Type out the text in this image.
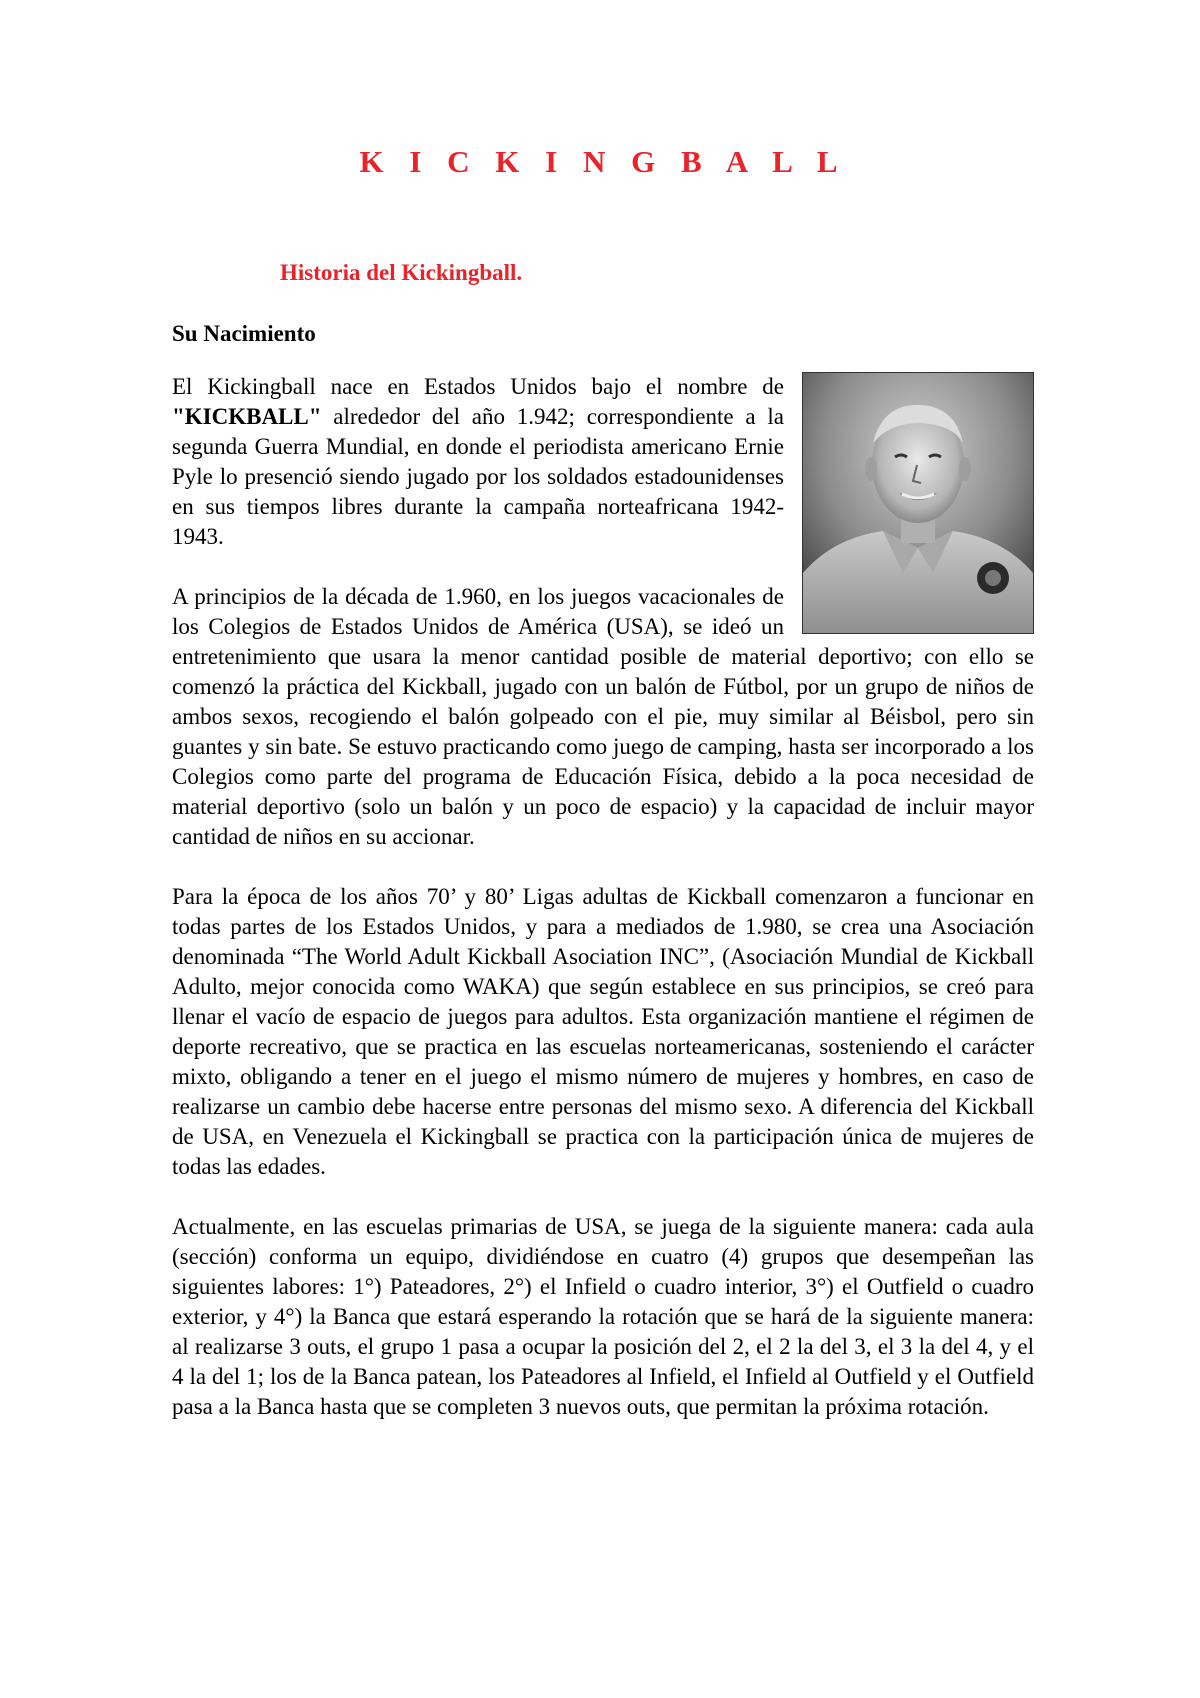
K I C K I N G B A L L
Historia del Kickingball.
Su Nacimiento

El Kickingball nace en Estados Unidos bajo el nombre de "KICKBALL" alrededor del año 1.942; correspondiente a la segunda Guerra Mundial, en donde el periodista americano Ernie Pyle lo presenció siendo jugado por los soldados estadounidenses en sus tiempos libres durante la campaña norteafricana 1942-1943.

A principios de la década de 1.960, en los juegos vacacionales de los Colegios de Estados Unidos de América (USA), se ideó un entretenimiento que usara la menor cantidad posible de material deportivo; con ello se comenzó la práctica del Kickball, jugado con un balón de Fútbol, por un grupo de niños de ambos sexos, recogiendo el balón golpeado con el pie, muy similar al Béisbol, pero sin guantes y sin bate. Se estuvo practicando como juego de camping, hasta ser incorporado a los Colegios como parte del programa de Educación Física, debido a la poca necesidad de material deportivo (solo un balón y un poco de espacio) y la capacidad de incluir mayor cantidad de niños en su accionar.

Para la época de los años 70’ y 80’ Ligas adultas de Kickball comenzaron a funcionar en todas partes de los Estados Unidos, y para a mediados de 1.980, se crea una Asociación denominada “The World Adult Kickball Asociation INC”, (Asociación Mundial de Kickball Adulto, mejor conocida como WAKA) que según establece en sus principios, se creó para llenar el vacío de espacio de juegos para adultos. Esta organización mantiene el régimen de deporte recreativo, que se practica en las escuelas norteamericanas, sosteniendo el carácter mixto, obligando a tener en el juego el mismo número de mujeres y hombres, en caso de realizarse un cambio debe hacerse entre personas del mismo sexo. A diferencia del Kickball de USA, en Venezuela el Kickingball se practica con la participación única de mujeres de todas las edades.

Actualmente, en las escuelas primarias de USA, se juega de la siguiente manera: cada aula (sección) conforma un equipo, dividiéndose en cuatro (4) grupos que desempeñan las siguientes labores: 1°) Pateadores, 2°) el Infield o cuadro interior, 3°) el Outfield o cuadro exterior, y 4°) la Banca que estará esperando la rotación que se hará de la siguiente manera: al realizarse 3 outs, el grupo 1 pasa a ocupar la posición del 2, el 2 la del 3, el 3 la del 4, y el 4 la del 1; los de la Banca patean, los Pateadores al Infield, el Infield al Outfield y el Outfield pasa a la Banca hasta que se completen 3 nuevos outs, que permitan la próxima rotación.
